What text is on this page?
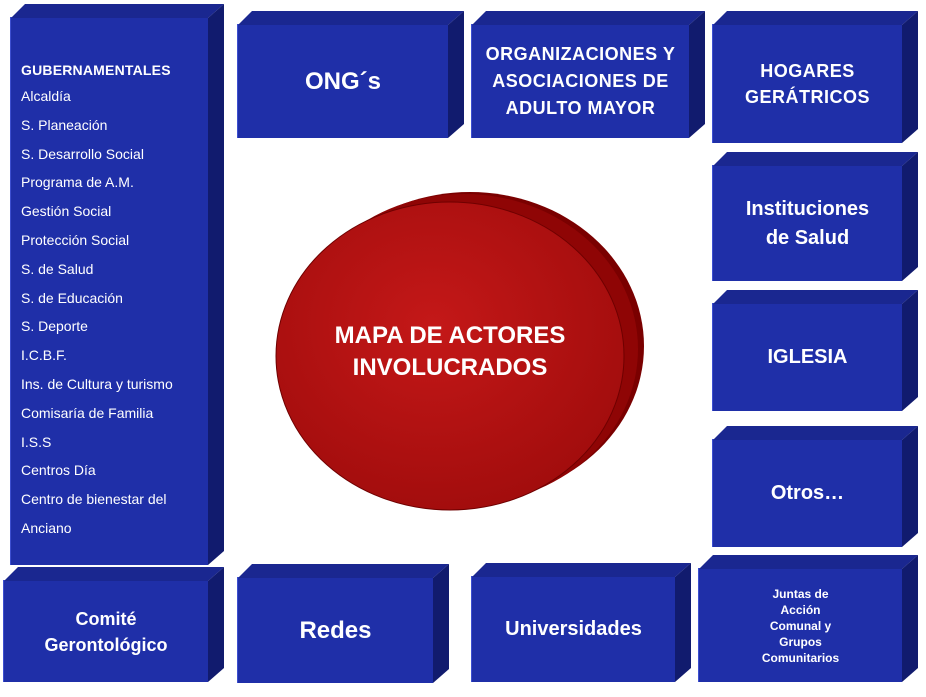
GUBERNAMENTALES
Alcaldía
S. Planeación
S. Desarrollo Social
Programa de A.M.
Gestión Social
Protección Social
S. de Salud
S. de Educación
S. Deporte
I.C.B.F.
Ins. de Cultura y turismo
Comisaría de Familia
I.S.S
Centros Día
Centro de bienestar del
Anciano
ONG´s
ORGANIZACIONES Y
ASOCIACIONES DE
ADULTO MAYOR
HOGARES
GERÁTRICOS
Instituciones
de Salud
IGLESIA
Otros…
Comité
Gerontológico
Redes	Universidades
Juntas de
Acción
Comunal y
Grupos
Comunitarios
MAPA DE ACTORES
INVOLUCRADOS
